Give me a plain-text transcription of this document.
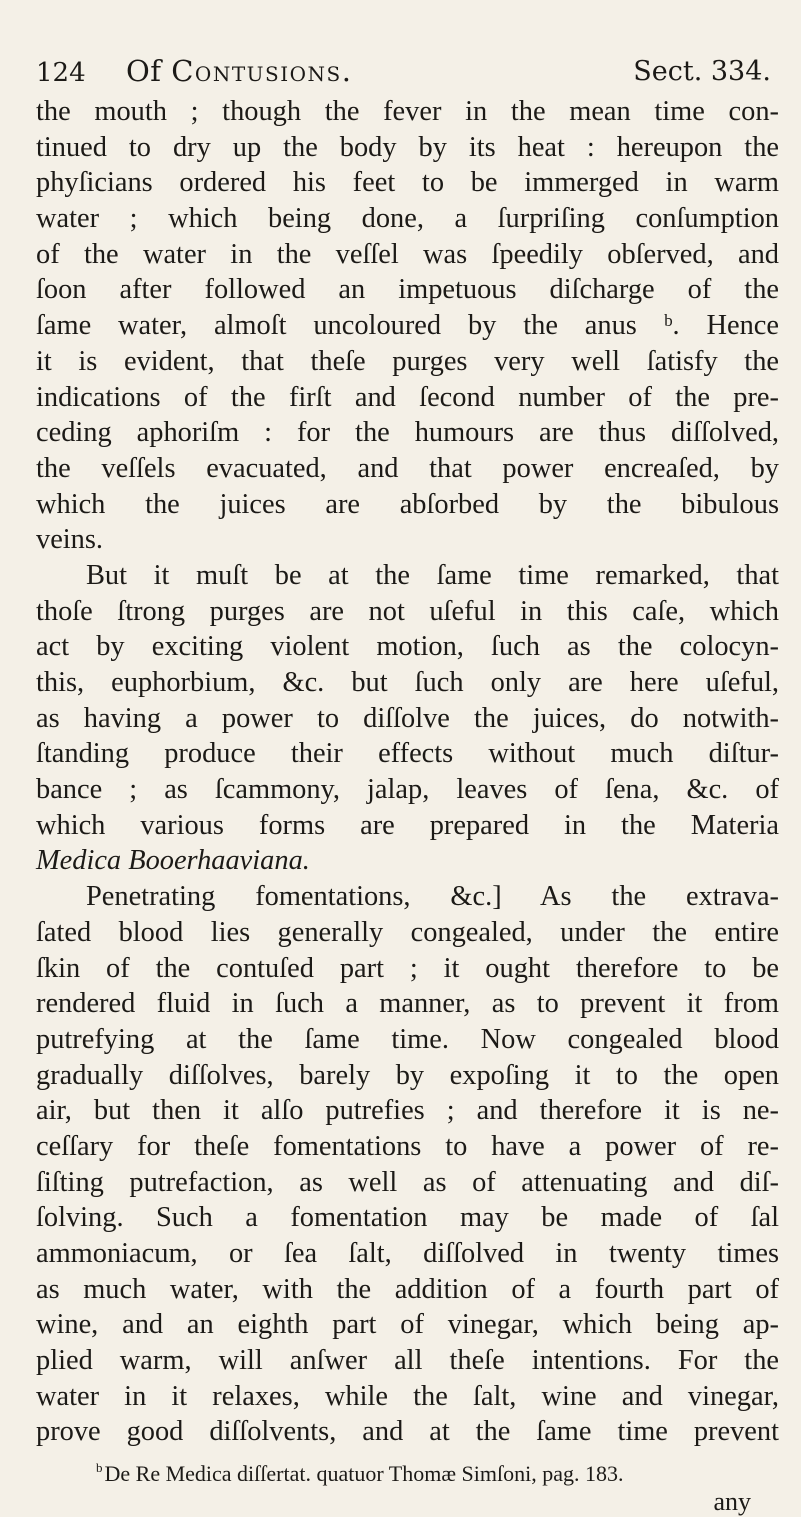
124 Of Contusions.	Sect. 334.
the mouth ; though the fever in the mean time con-
tinued to dry up the body by its heat : hereupon the
phyſicians ordered his feet to be immerged in warm
water ; which being done, a ſurpriſing conſumption
of the water in the veſſel was ſpeedily obſerved, and
ſoon after followed an impetuous diſcharge of the
ſame water, almoſt uncoloured by the anus ᵇ. Hence
it is evident, that theſe purges very well ſatisfy the
indications of the firſt and ſecond number of the pre-
ceding aphoriſm : for the humours are thus diſſolved,
the veſſels evacuated, and that power encreaſed, by
which the juices are abſorbed by the bibulous
veins.
But it muſt be at the ſame time remarked, that
thoſe ſtrong purges are not uſeful in this caſe, which
act by exciting violent motion, ſuch as the colocyn-
this, euphorbium, &c. but ſuch only are here uſeful,
as having a power to diſſolve the juices, do notwith-
ſtanding produce their effects without much diſtur-
bance ; as ſcammony, jalap, leaves of ſena, &c. of
which various forms are prepared in the Materia
Medica Booerhaaviana.
Penetrating fomentations, &c.] As the extrava-
ſated blood lies generally congealed, under the entire
ſkin of the contuſed part ; it ought therefore to be
rendered fluid in ſuch a manner, as to prevent it from
putrefying at the ſame time. Now congealed blood
gradually diſſolves, barely by expoſing it to the open
air, but then it alſo putrefies ; and therefore it is ne-
ceſſary for theſe fomentations to have a power of re-
ſiſting putrefaction, as well as of attenuating and diſ-
ſolving. Such a fomentation may be made of ſal
ammoniacum, or ſea ſalt, diſſolved in twenty times
as much water, with the addition of a fourth part of
wine, and an eighth part of vinegar, which being ap-
plied warm, will anſwer all theſe intentions. For the
water in it relaxes, while the ſalt, wine and vinegar,
prove good diſſolvents, and at the ſame time prevent
$^b$De Re Medica diſſertat. quatuor Thomæ Simſoni, pag. 183.
any
